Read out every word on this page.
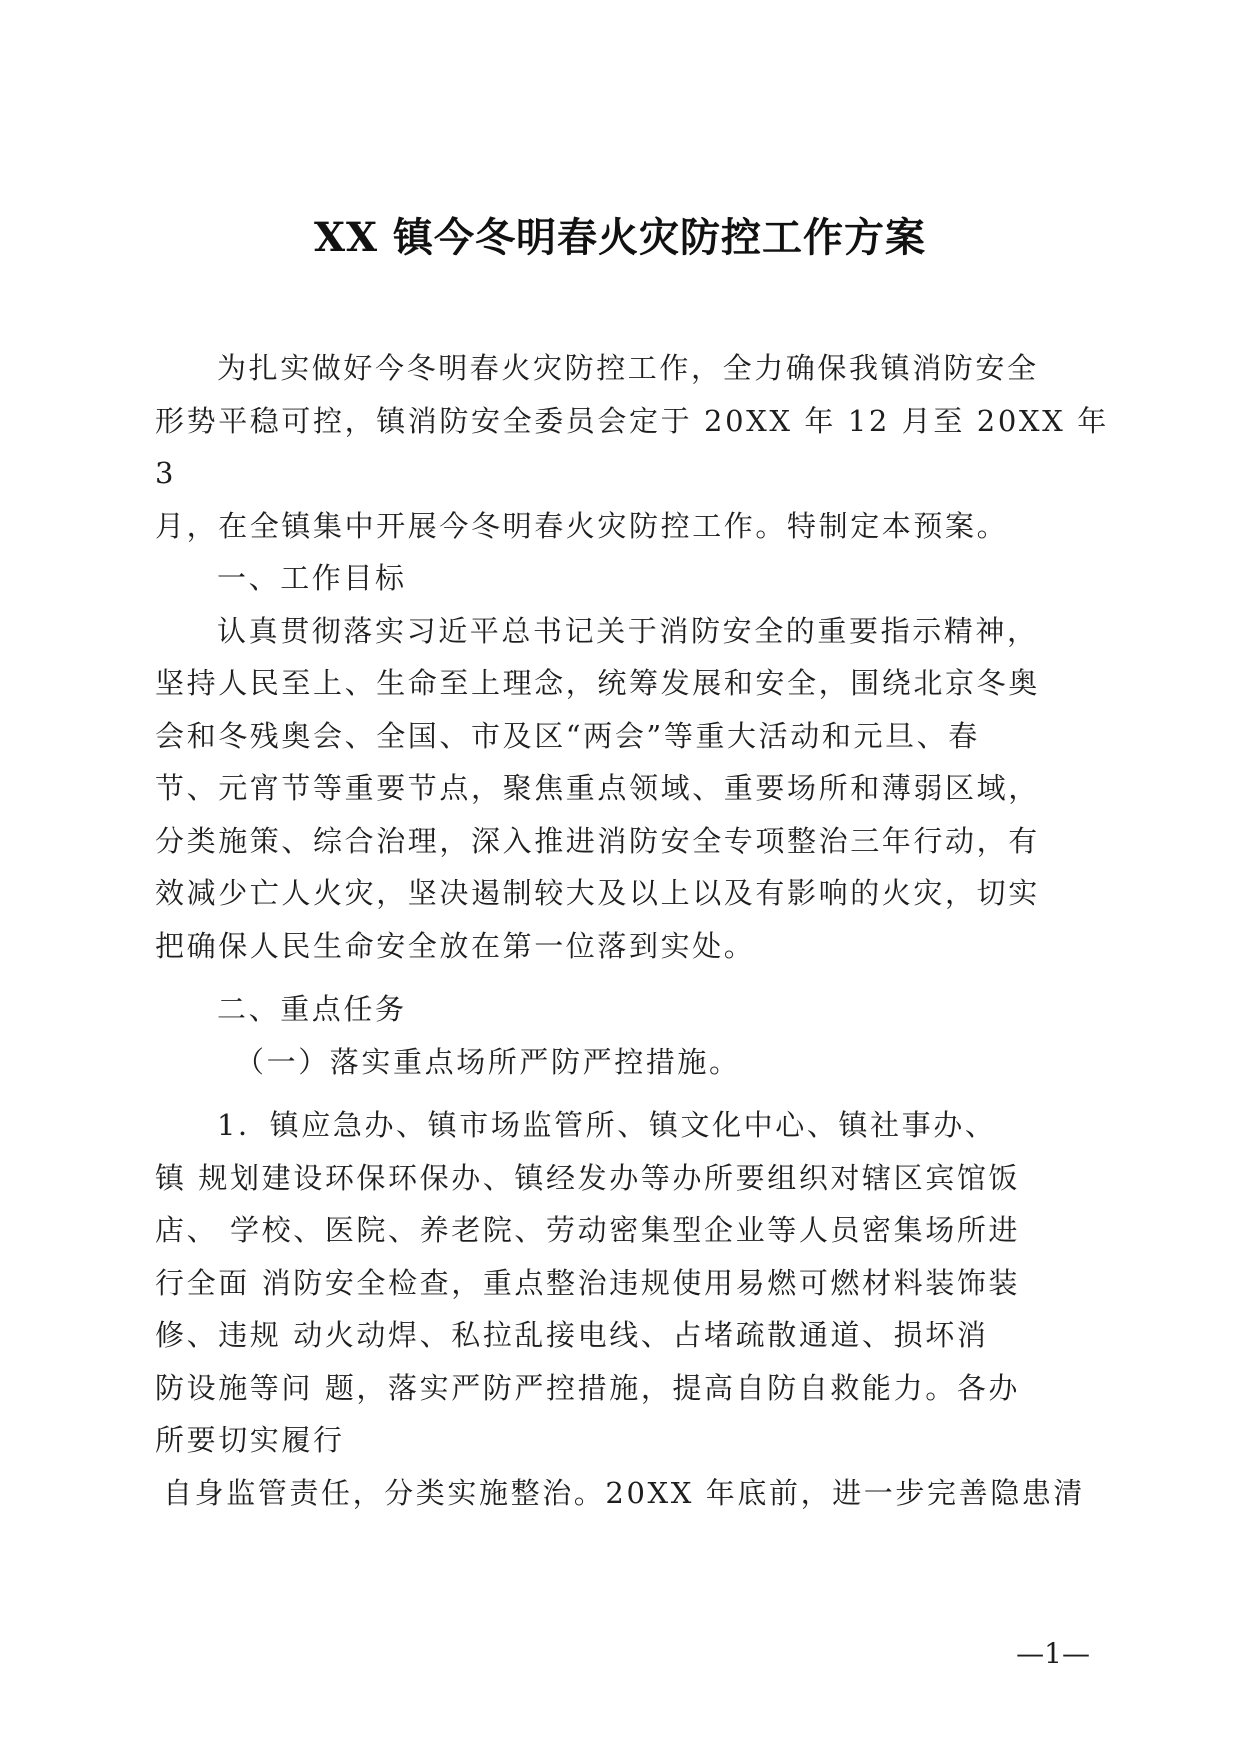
XX 镇今冬明春火灾防控工作方案
为扎实做好今冬明春火灾防控工作，全力确保我镇消防安全
形势平稳可控，镇消防安全委员会定于 20XX 年 12 月至 20XX 年
3
月，在全镇集中开展今冬明春火灾防控工作。特制定本预案。
一、工作目标
认真贯彻落实习近平总书记关于消防安全的重要指示精神，
坚持人民至上、生命至上理念，统筹发展和安全，围绕北京冬奥
会和冬残奥会、全国、市及区“两会”等重大活动和元旦、春
节、元宵节等重要节点，聚焦重点领域、重要场所和薄弱区域，
分类施策、综合治理，深入推进消防安全专项整治三年行动，有
效减少亡人火灾，坚决遏制较大及以上以及有影响的火灾，切实
把确保人民生命安全放在第一位落到实处。
二、重点任务
（一）落实重点场所严防严控措施。
1．镇应急办、镇市场监管所、镇文化中心、镇社事办、
镇 规划建设环保环保办、镇经发办等办所要组织对辖区宾馆饭
店、 学校、医院、养老院、劳动密集型企业等人员密集场所进
行全面 消防安全检查，重点整治违规使用易燃可燃材料装饰装
修、违规 动火动焊、私拉乱接电线、占堵疏散通道、损坏消
防设施等问 题，落实严防严控措施，提高自防自救能力。各办
所要切实履行
自身监管责任，分类实施整治。20XX 年底前，进一步完善隐患清
—1—
